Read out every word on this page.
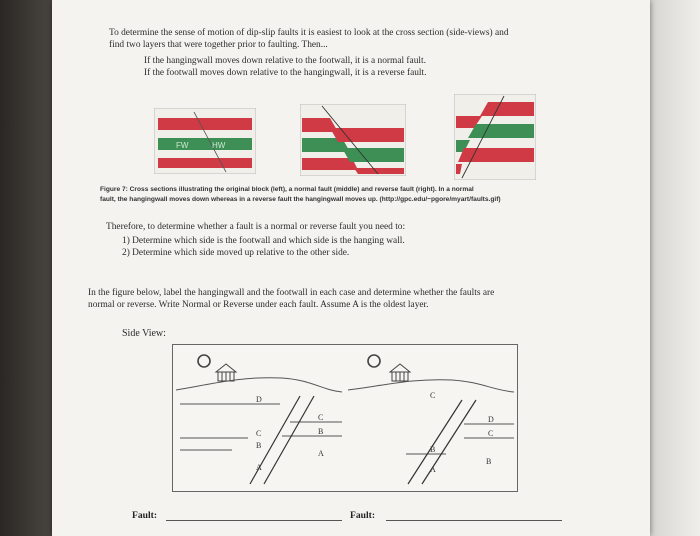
To determine the sense of motion of dip-slip faults it is easiest to look at the cross section (side-views) and
find two layers that were together prior to faulting. Then...
If the hangingwall moves down relative to the footwall, it is a normal fault.
If the footwall moves down relative to the hangingwall, it is a reverse fault.
FW	HW
Figure 7: Cross sections illustrating the original block (left), a normal fault (middle) and reverse fault (right). In a normal
fault, the hangingwall moves down whereas in a reverse fault the hangingwall moves up. (http://gpc.edu/~pgore/myart/faults.gif)
Therefore, to determine whether a fault is a normal or reverse fault you need to:
1) Determine which side is the footwall and which side is the hanging wall.
2) Determine which side moved up relative to the other side.
In the figure below, label the hangingwall and the footwall in each case and determine whether the faults are
normal or reverse. Write Normal or Reverse under each fault. Assume A is the oldest layer.
Side View:
D
C
B
A
C
B
A
C
B
A
D
C
B
Fault:	Fault:
